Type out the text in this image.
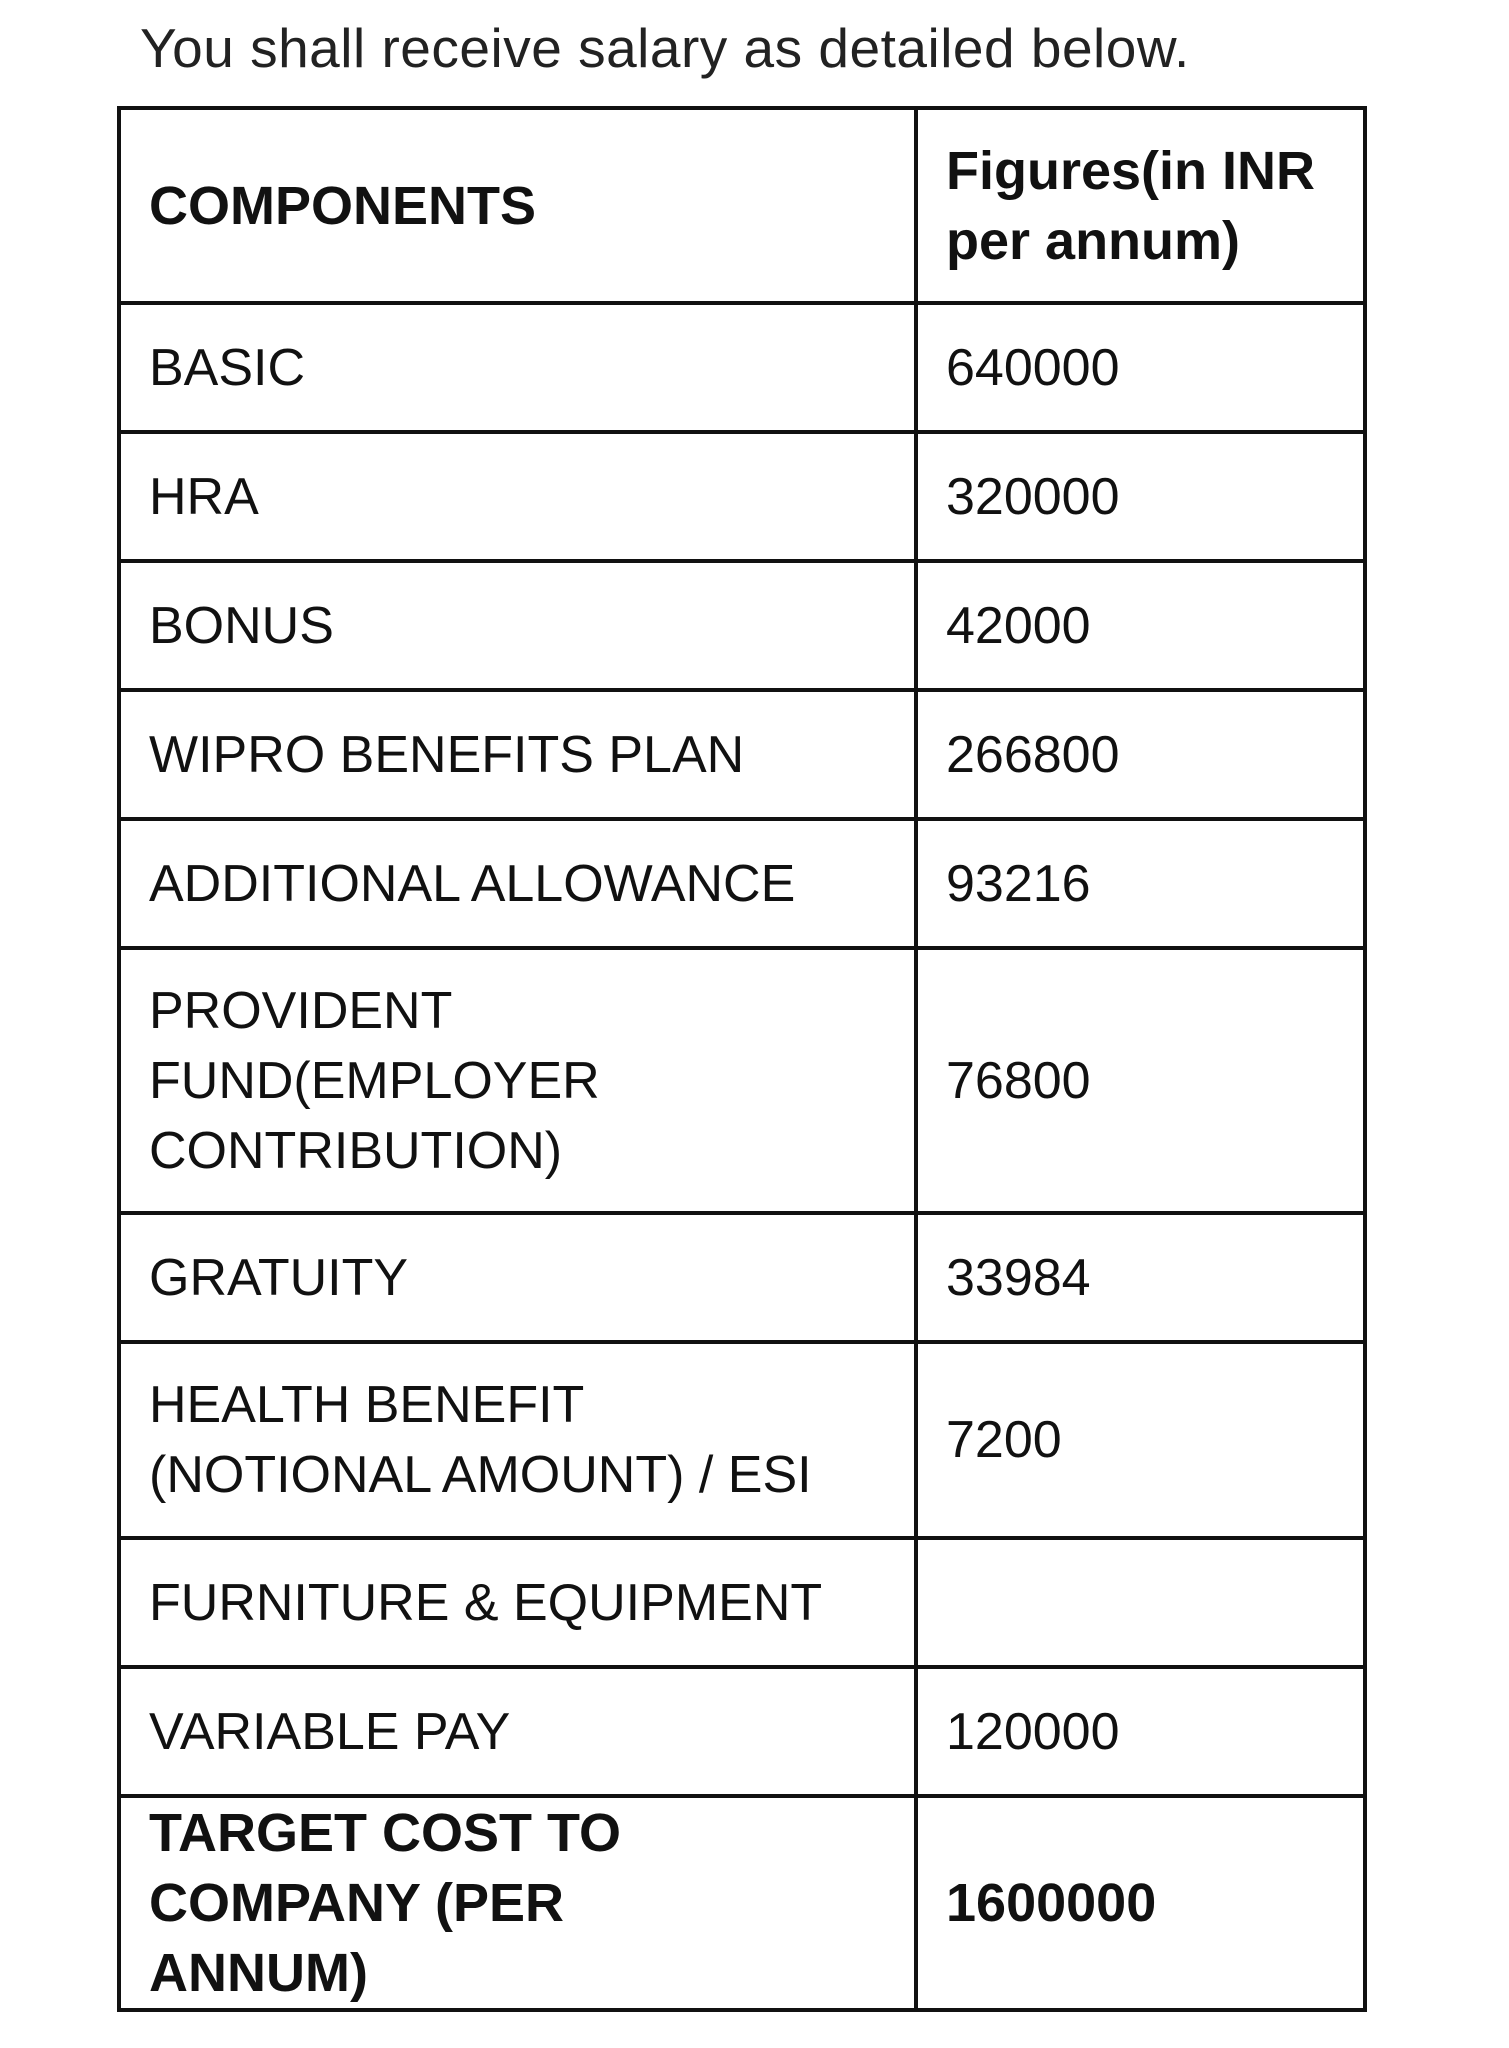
You shall receive salary as detailed below.
COMPONENTS	Figures(in INR per annum)
BASIC	640000
HRA	320000
BONUS	42000
WIPRO BENEFITS PLAN	266800
ADDITIONAL ALLOWANCE	93216
PROVIDENT FUND(EMPLOYER CONTRIBUTION)	76800
GRATUITY	33984
HEALTH BENEFIT (NOTIONAL AMOUNT) / ESI	7200
FURNITURE & EQUIPMENT	
VARIABLE PAY	120000
TARGET COST TO COMPANY (PER ANNUM)	1600000
